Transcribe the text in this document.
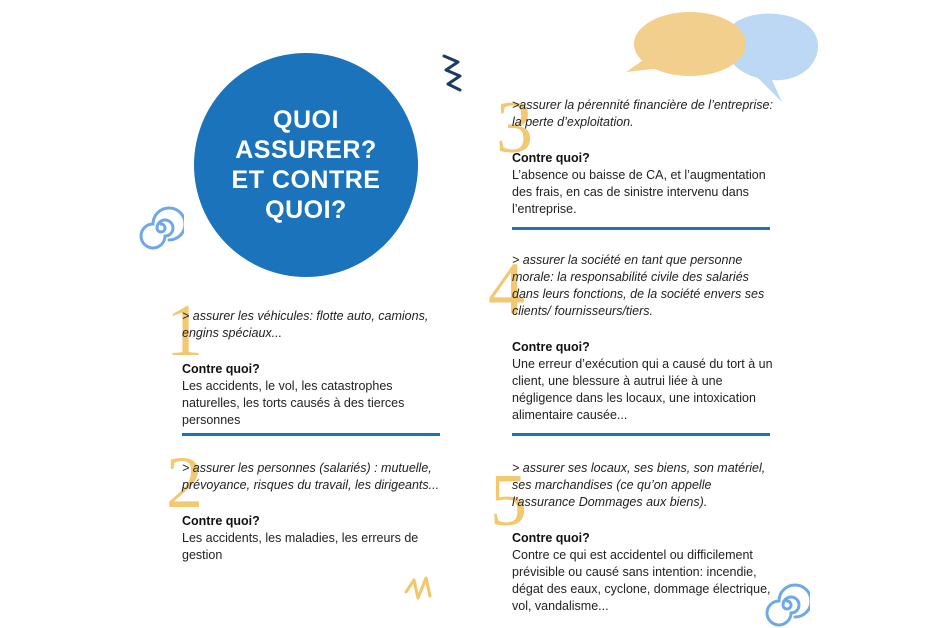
QUOI
ASSURER?
ET CONTRE
QUOI?
1
> assurer les véhicules: flotte auto, camions, engins spéciaux...
Contre quoi?
Les accidents, le vol, les catastrophes naturelles, les torts causés à des tierces personnes
2
> assurer les personnes (salariés) : mutuelle, prévoyance, risques du travail, les dirigeants...
Contre quoi?
Les accidents, les maladies, les erreurs de gestion
3
>assurer la pérennité financière de l’entreprise: la perte d’exploitation.
Contre quoi?
L’absence ou baisse de CA, et l’augmentation des frais, en cas de sinistre intervenu dans l’entreprise.
4
> assurer la société en tant que personne morale: la responsabilité civile des salariés dans leurs fonctions, de la société envers ses clients/ fournisseurs/tiers.
Contre quoi?
Une erreur d’exécution qui a causé du tort à un client, une blessure à autrui liée à une négligence dans les locaux, une intoxication alimentaire causée...
5
> assurer ses locaux, ses biens, son matériel, ses marchandises (ce qu’on appelle l’assurance Dommages aux biens).
Contre quoi?
Contre ce qui est accidentel ou difficilement prévisible ou causé sans intention: incendie, dégat des eaux, cyclone, dommage électrique, vol, vandalisme...
